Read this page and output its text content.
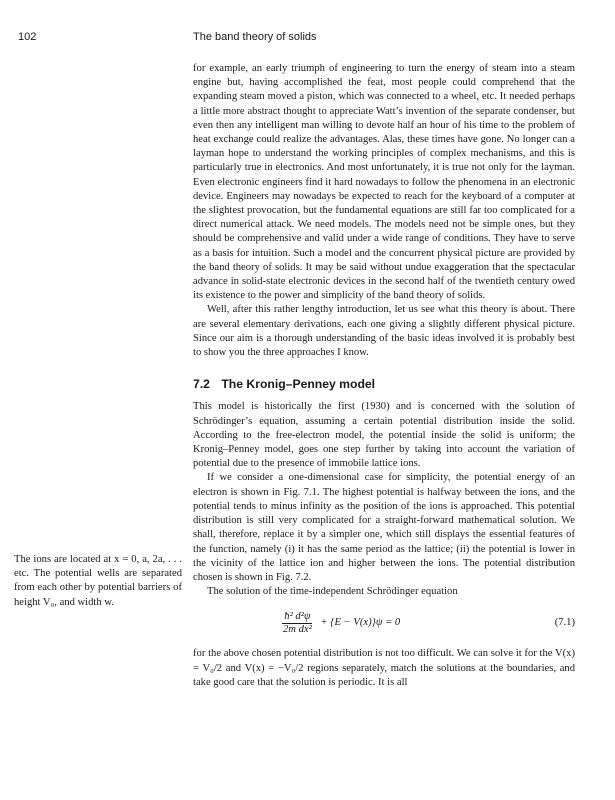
102	The band theory of solids

for example, an early triumph of engineering to turn the energy of steam into a steam engine but, having accomplished the feat, most people could comprehend that the expanding steam moved a piston, which was connected to a wheel, etc. It needed perhaps a little more abstract thought to appreciate Watt’s invention of the separate condenser, but even then any intelligent man willing to devote half an hour of his time to the problem of heat exchange could realize the advantages. Alas, these times have gone. No longer can a layman hope to understand the working principles of complex mechanisms, and this is particularly true in electronics. And most unfortunately, it is true not only for the layman. Even electronic engineers find it hard nowadays to follow the phenomena in an electronic device. Engineers may nowadays be expected to reach for the keyboard of a computer at the slightest provocation, but the fundamental equations are still far too complicated for a direct numerical attack. We need models. The models need not be simple ones, but they should be comprehensive and valid under a wide range of conditions. They have to serve as a basis for intuition. Such a model and the concurrent physical picture are provided by the band theory of solids. It may be said without undue exaggeration that the spectacular advance in solid-state electronic devices in the second half of the twentieth century owed its existence to the power and simplicity of the band theory of solids.

Well, after this rather lengthy introduction, let us see what this theory is about. There are several elementary derivations, each one giving a slightly different physical picture. Since our aim is a thorough understanding of the basic ideas involved it is probably best to show you the three approaches I know.

7.2 The Kronig–Penney model

This model is historically the first (1930) and is concerned with the solution of Schrödinger’s equation, assuming a certain potential distribution inside the solid. According to the free-electron model, the potential inside the solid is uniform; the Kronig–Penney model, goes one step further by taking into account the variation of potential due to the presence of immobile lattice ions.

If we consider a one-dimensional case for simplicity, the potential energy of an electron is shown in Fig. 7.1. The highest potential is halfway between the ions, and the potential tends to minus infinity as the position of the ions is approached. This potential distribution is still very complicated for a straight-forward mathematical solution. We shall, therefore, replace it by a simpler one, which still displays the essential features of the function, namely (i) it has the same period as the lattice; (ii) the potential is lower in the vicinity of the lattice ion and higher between the ions. The potential distribution chosen is shown in Fig. 7.2.

The solution of the time-independent Schrödinger equation

$\frac{\text{ħ² d²ψ}}{\text{2m dx²}} + \{E - V(x)\}\psi = 0$	(7.1)

for the above chosen potential distribution is not too difficult. We can solve it for the V(x) = V₀/2 and V(x) = −V₀/2 regions separately, match the solutions at the boundaries, and take good care that the solution is periodic. It is all

The ions are located at x = 0, a, 2a, . . . etc. The potential wells are separated from each other by potential barriers of height V₀, and width w.
